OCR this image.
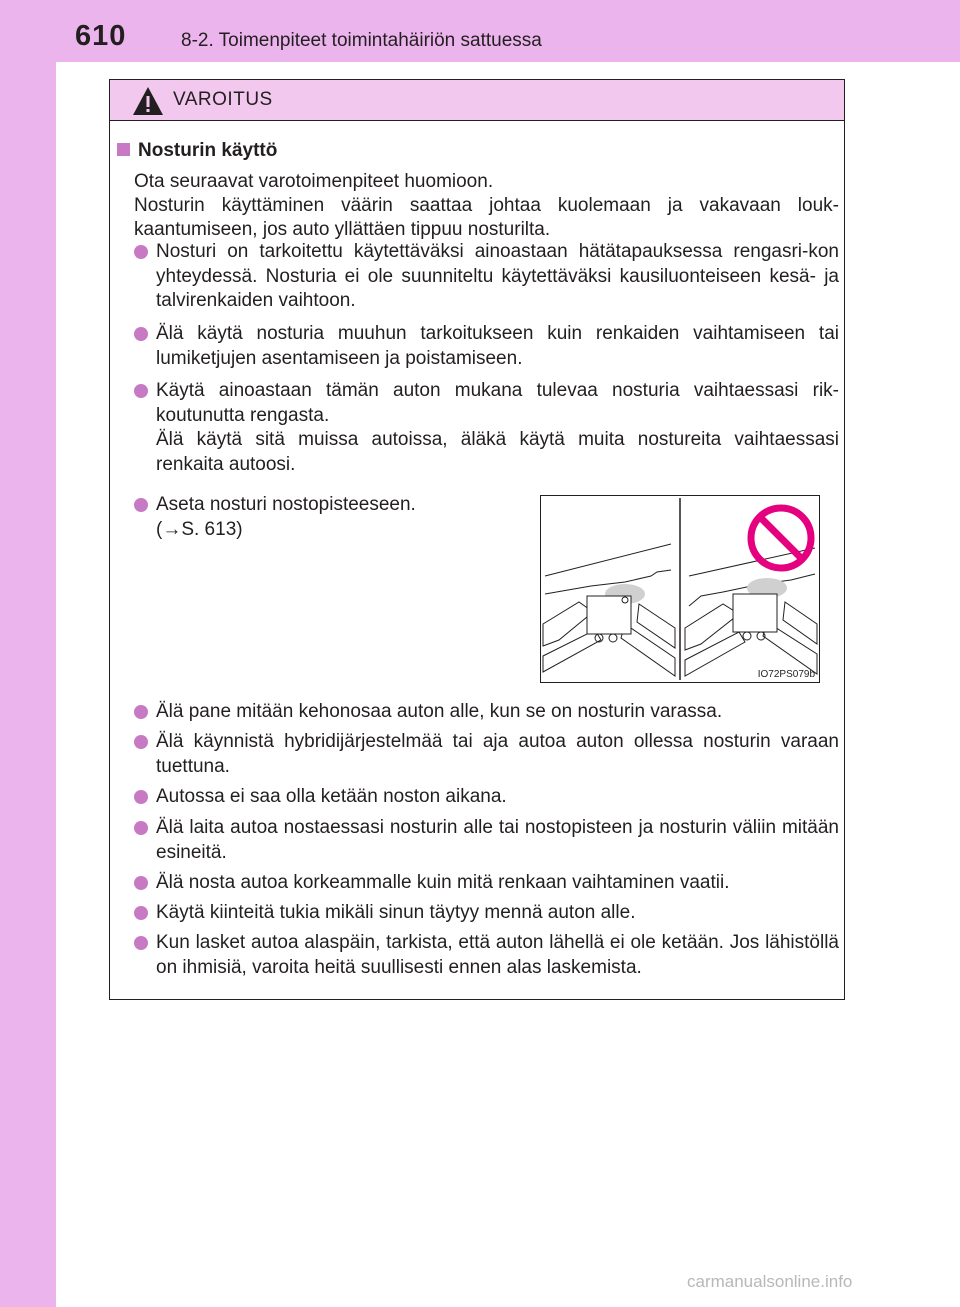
610	8-2. Toimenpiteet toimintahäiriön sattuessa
VAROITUS
Nosturin käyttö

Ota seuraavat varotoimenpiteet huomioon.

Nosturin käyttäminen väärin saattaa johtaa kuolemaan ja vakavaan louk-kaantumiseen, jos auto yllättäen tippuu nosturilta.

Nosturi on tarkoitettu käytettäväksi ainoastaan hätätapauksessa rengasri-kon yhteydessä. Nosturia ei ole suunniteltu käytettäväksi kausiluonteiseen kesä- ja talvirenkaiden vaihtoon.

Älä käytä nosturia muuhun tarkoitukseen kuin renkaiden vaihtamiseen tai lumiketjujen asentamiseen ja poistamiseen.

Käytä ainoastaan tämän auton mukana tulevaa nosturia vaihtaessasi rik-koutunutta rengasta.

Älä käytä sitä muissa autoissa, äläkä käytä muita nostureita vaihtaessasi renkaita autoosi.

Aseta nosturi nostopisteeseen.

(→S. 613)

IO72PS079b

Älä pane mitään kehonosaa auton alle, kun se on nosturin varassa.

Älä käynnistä hybridijärjestelmää tai aja autoa auton ollessa nosturin varaan tuettuna.

Autossa ei saa olla ketään noston aikana.

Älä laita autoa nostaessasi nosturin alle tai nostopisteen ja nosturin väliin mitään esineitä.

Älä nosta autoa korkeammalle kuin mitä renkaan vaihtaminen vaatii.

Käytä kiinteitä tukia mikäli sinun täytyy mennä auton alle.

Kun lasket autoa alaspäin, tarkista, että auton lähellä ei ole ketään. Jos lähistöllä on ihmisiä, varoita heitä suullisesti ennen alas laskemista.

carmanualsonline.info
